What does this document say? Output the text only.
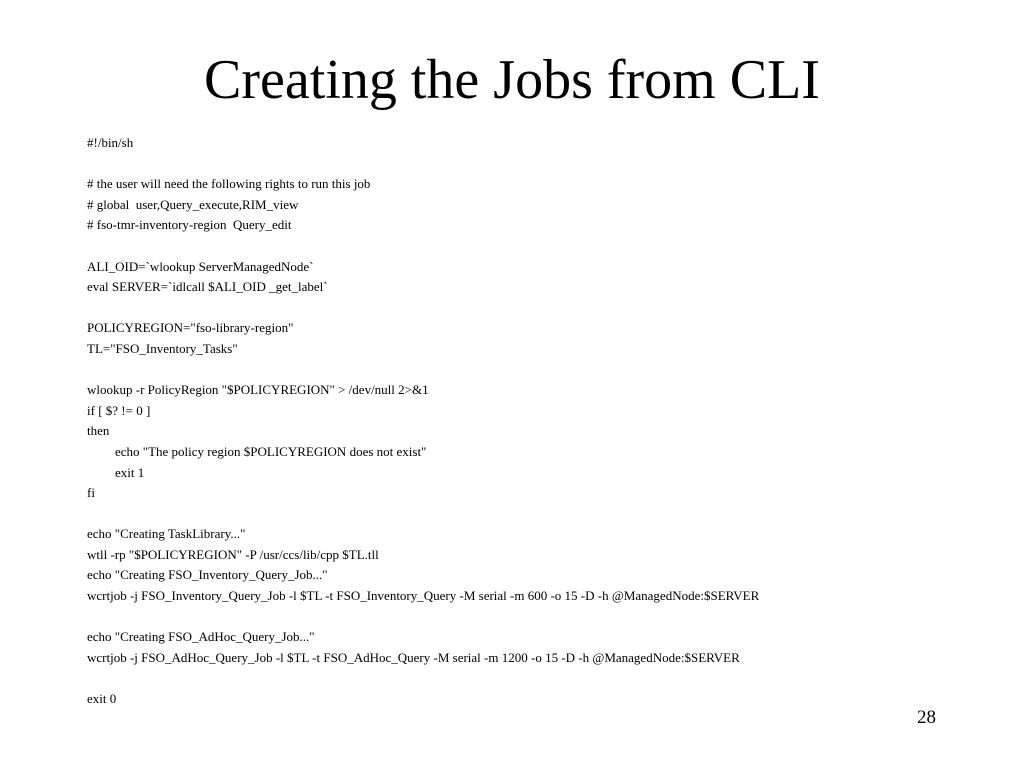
Creating the Jobs from CLI
#!/bin/sh
# the user will need the following rights to run this job
# global  user,Query_execute,RIM_view
# fso-tmr-inventory-region  Query_edit
ALI_OID=`wlookup ServerManagedNode`
eval SERVER=`idlcall $ALI_OID _get_label`
POLICYREGION="fso-library-region"
TL="FSO_Inventory_Tasks"
wlookup -r PolicyRegion "$POLICYREGION" > /dev/null 2>&1
if [ $? != 0 ]
then
echo "The policy region $POLICYREGION does not exist"
exit 1
fi
echo "Creating TaskLibrary..."
wtll -rp "$POLICYREGION" -P /usr/ccs/lib/cpp $TL.tll
echo "Creating FSO_Inventory_Query_Job..."
wcrtjob -j FSO_Inventory_Query_Job -l $TL -t FSO_Inventory_Query -M serial -m 600 -o 15 -D -h @ManagedNode:$SERVER
echo "Creating FSO_AdHoc_Query_Job..."
wcrtjob -j FSO_AdHoc_Query_Job -l $TL -t FSO_AdHoc_Query -M serial -m 1200 -o 15 -D -h @ManagedNode:$SERVER
exit 0
28
